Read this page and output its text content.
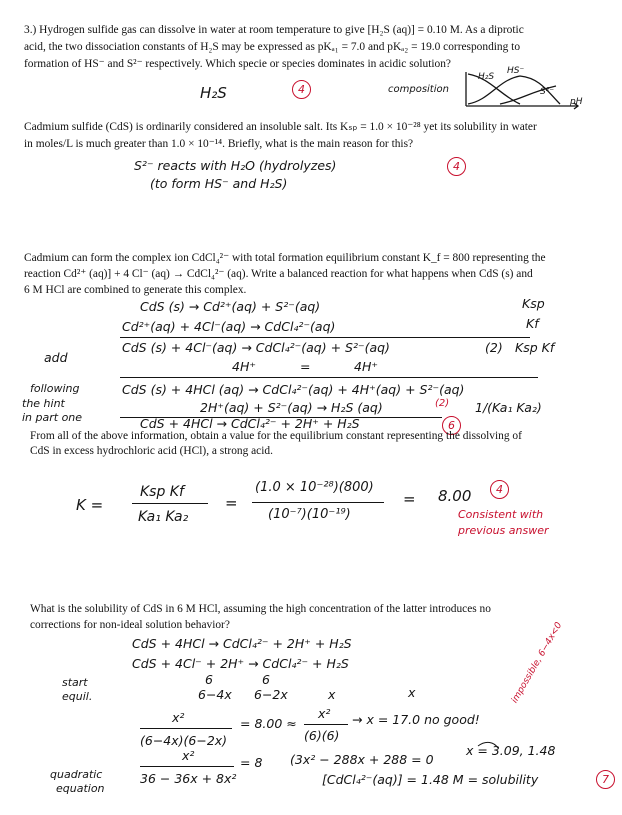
3.) Hydrogen sulfide gas can dissolve in water at room temperature to give [H₂S (aq)] = 0.10 M. As a diprotic
acid, the two dissociation constants of H₂S may be expressed as pKₐ₁ = 7.0 and pKₐ₂ = 19.0 corresponding to
formation of HS⁻ and S²⁻ respectively. Which specie or species dominates in acidic solution?
H₂S	4	composition
H₂S
HS⁻
S²⁻
pH
Cadmium sulfide (CdS) is ordinarily considered an insoluble salt. Its Kₛₚ = 1.0 × 10⁻²⁸ yet its solubility in water
in moles/L is much greater than 1.0 × 10⁻¹⁴. Briefly, what is the main reason for this?
S²⁻ reacts with H₂O (hydrolyzes)
(to form HS⁻ and H₂S)
4
Cadmium can form the complex ion CdCl₄²⁻ with total formation equilibrium constant K_f = 800 representing the
reaction Cd²⁺ (aq)] + 4 Cl⁻ (aq) → CdCl₄²⁻ (aq). Write a balanced reaction for what happens when CdS (s) and
6 M HCl are combined to generate this complex.
CdS (s) → Cd²⁺(aq) + S²⁻(aq)	Ksp
Cd²⁺(aq) + 4Cl⁻(aq) → CdCl₄²⁻(aq)	Kf
add
CdS (s) + 4Cl⁻(aq) → CdCl₄²⁻(aq) + S²⁻(aq)	(2) Ksp Kf
4H⁺	4H⁺
=
following
the hint
in part one
CdS (s) + 4HCl (aq) → CdCl₄²⁻(aq) + 4H⁺(aq) + S²⁻(aq)
2H⁺(aq) + S²⁻(aq) → H₂S (aq)	(2) 1/(Ka₁ Ka₂)
CdS + 4HCl → CdCl₄²⁻ + 2H⁺ + H₂S	6
From all of the above information, obtain a value for the equilibrium constant representing the dissolving of
CdS in excess hydrochloric acid (HCl), a strong acid.
K =
Ksp Kf
Ka₁ Ka₂
=
(1.0 × 10⁻²⁸)(800)
(10⁻⁷)(10⁻¹⁹)
= 8.00	4
Consistent with
previous answer
What is the solubility of CdS in 6 M HCl, assuming the high concentration of the latter introduces no
corrections for non-ideal solution behavior?
CdS + 4HCl → CdCl₄²⁻ + 2H⁺ + H₂S
CdS + 4Cl⁻ + 2H⁺ → CdCl₄²⁻ + H₂S
start
equil.
6	6
6−4x 6−2x	x	x
x²
(6−4x)(6−2x)
= 8.00 ≈
x²
(6)(6)
→ x = 17.0 no good!
quadratic
equation
x²
36 − 36x + 8x²
= 8 (3x² − 288x + 288 = 0
x = 3.09, 1.48
impossible, 6−4x<0
[CdCl₄²⁻(aq)] = 1.48 M = solubility	7
